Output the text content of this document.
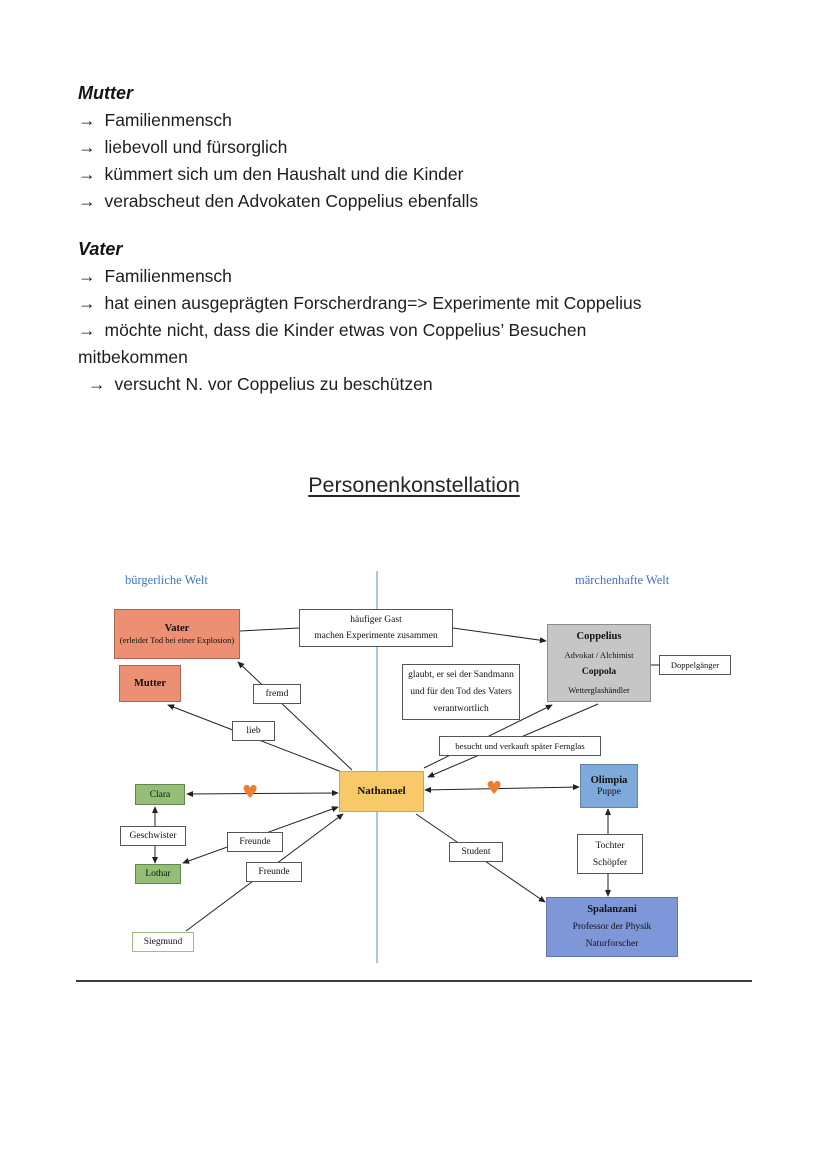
Mutter
→ Familienmensch
→ liebevoll und fürsorglich
→ kümmert sich um den Haushalt und die Kinder
→ verabscheut den Advokaten Coppelius ebenfalls
Vater
→ Familienmensch
→ hat einen ausgeprägten Forscherdrang=> Experimente mit Coppelius
→ möchte nicht, dass die Kinder etwas von Coppelius’ Besuchen mitbekommen
→ versucht N. vor Coppelius zu beschützen
Personenkonstellation
bürgerliche Welt	märchenhafte Welt
Vater
(erleidet Tod bei einer Explosion)
Mutter
häufiger Gast
machen Experimente zusammen	Coppelius
Advokat / Alchimist
Coppola
Wetterglashändler
Doppelgänger
glaubt, er sei der Sandmann
und für den Tod des Vaters
verantwortlich
fremd
lieb
besucht und verkauft später Fernglas
Nathanael
Olimpia
Puppe
Clara
Geschwister
Lothar
Freunde
Freunde
Student
Tochter
Schöpfer
Siegmund
Spalanzani
Professor der Physik
Naturforscher
♥	♥
